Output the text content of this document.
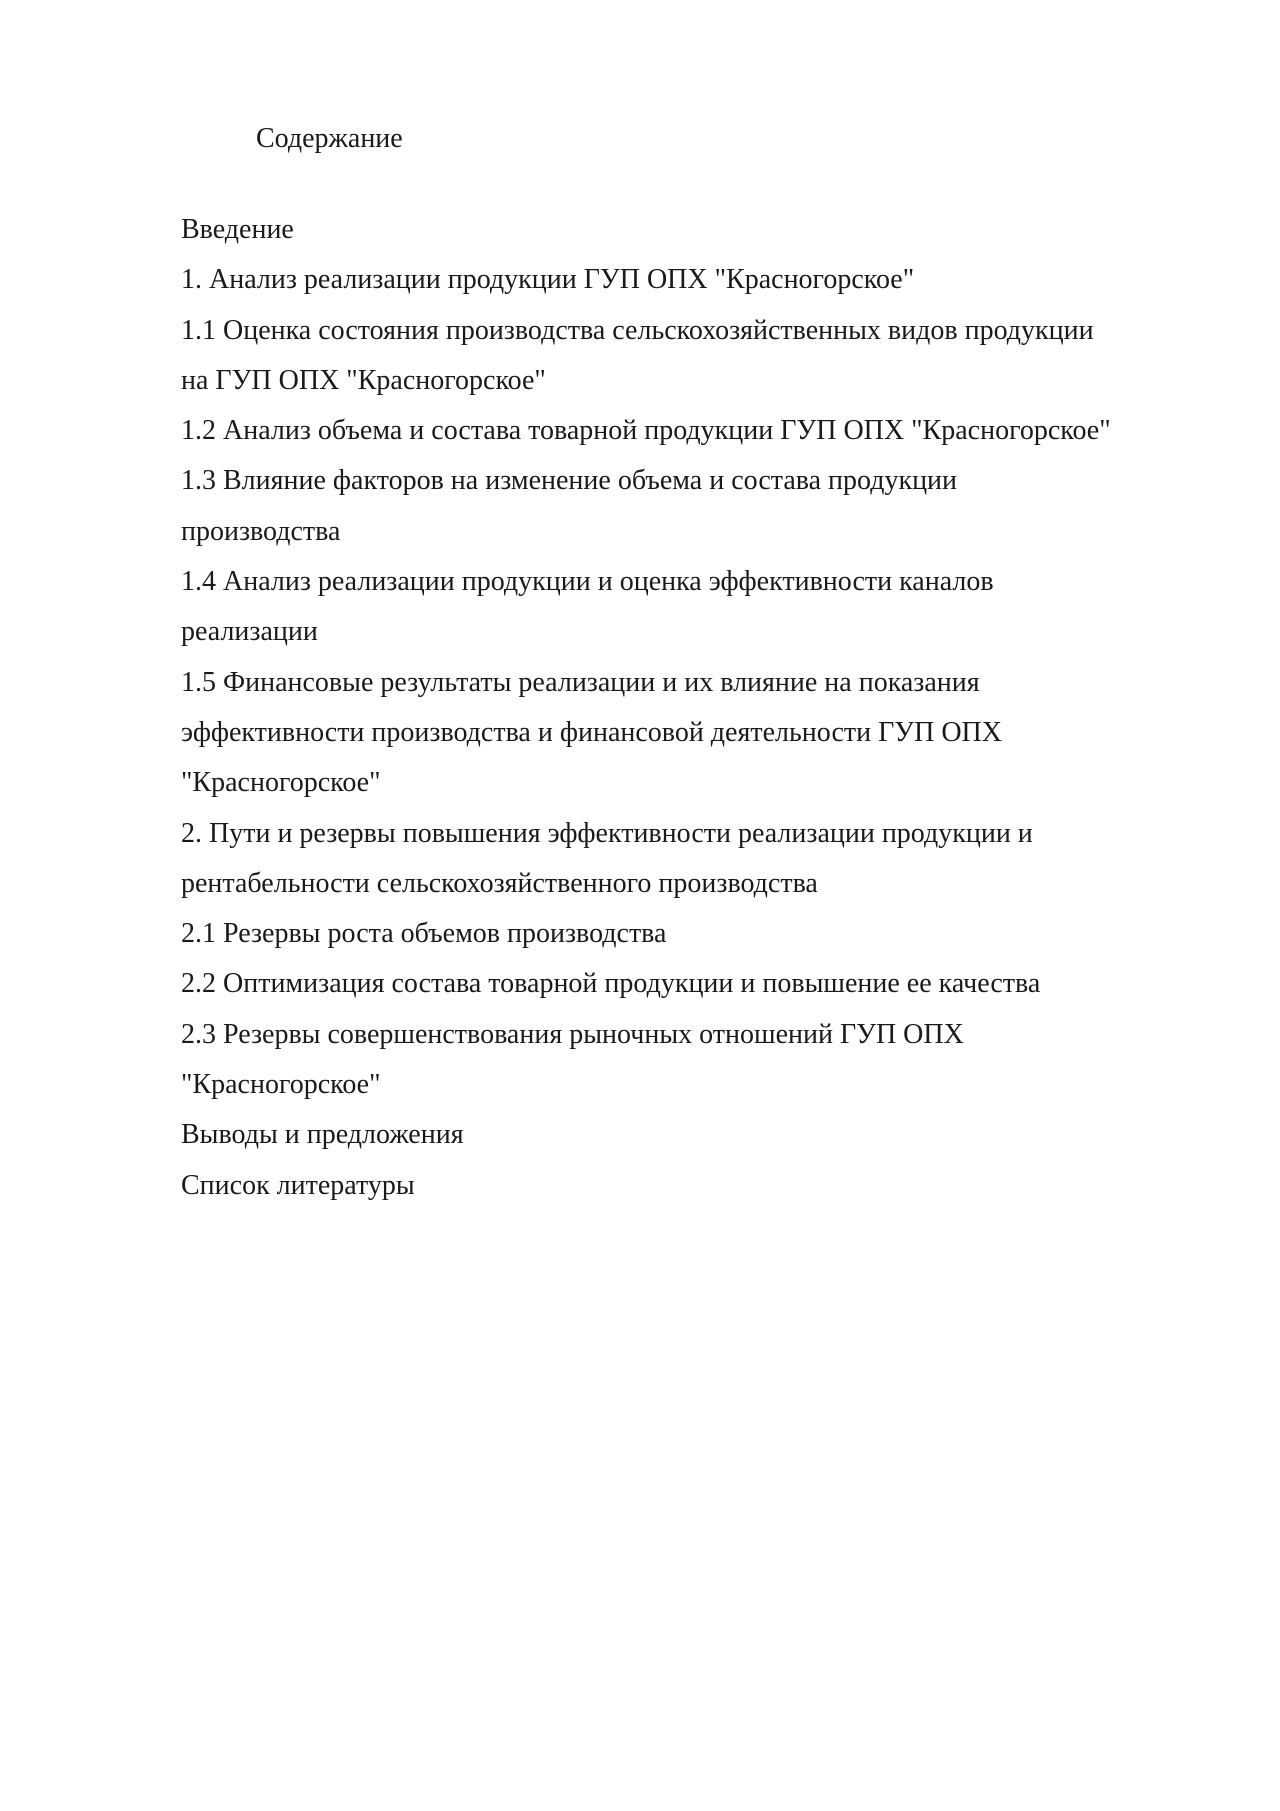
Содержание
Введение
1. Анализ реализации продукции ГУП ОПХ "Красногорское"
1.1 Оценка состояния производства сельскохозяйственных видов продукции
на ГУП ОПХ "Красногорское"
1.2 Анализ объема и состава товарной продукции ГУП ОПХ "Красногорское"
1.3 Влияние факторов на изменение объема и состава продукции
производства
1.4 Анализ реализации продукции и оценка эффективности каналов
реализации
1.5 Финансовые результаты реализации и их влияние на показания
эффективности производства и финансовой деятельности ГУП ОПХ
"Красногорское"
2. Пути и резервы повышения эффективности реализации продукции и
рентабельности сельскохозяйственного производства
2.1 Резервы роста объемов производства
2.2 Оптимизация состава товарной продукции и повышение ее качества
2.3 Резервы совершенствования рыночных отношений ГУП ОПХ
"Красногорское"
Выводы и предложения
Список литературы
